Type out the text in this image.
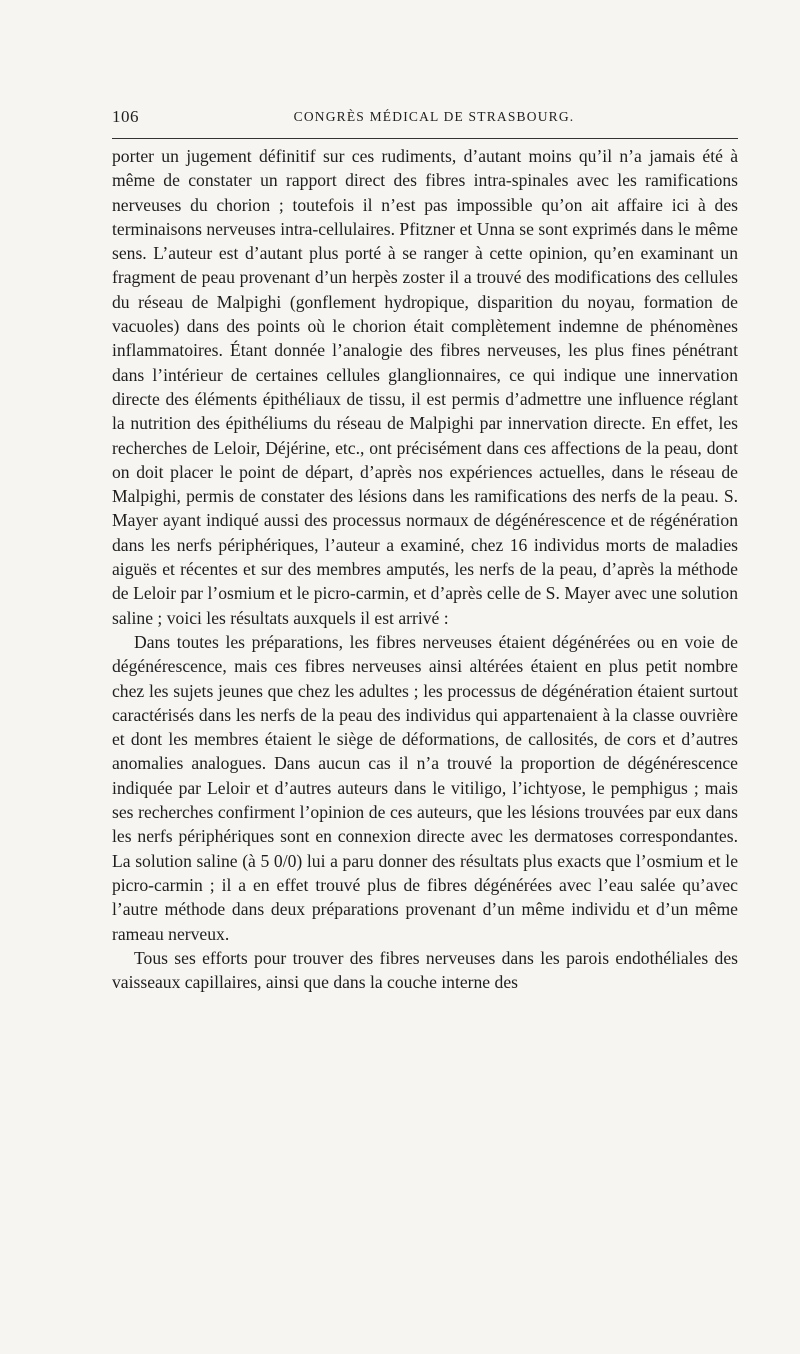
106	CONGRÈS MÉDICAL DE STRASBOURG.

porter un jugement définitif sur ces rudiments, d’autant moins qu’il n’a jamais été à même de constater un rapport direct des fibres intra-spinales avec les ramifications nerveuses du chorion ; toutefois il n’est pas impossible qu’on ait affaire ici à des terminaisons nerveuses intra-cellulaires. Pfitzner et Unna se sont exprimés dans le même sens. L’auteur est d’autant plus porté à se ranger à cette opinion, qu’en examinant un fragment de peau provenant d’un herpès zoster il a trouvé des modifications des cellules du réseau de Malpighi (gonflement hydropique, disparition du noyau, formation de vacuoles) dans des points où le chorion était complètement indemne de phénomènes inflammatoires. Étant donnée l’analogie des fibres nerveuses, les plus fines pénétrant dans l’intérieur de certaines cellules glanglionnaires, ce qui indique une innervation directe des éléments épithéliaux de tissu, il est permis d’admettre une influence réglant la nutrition des épithéliums du réseau de Malpighi par innervation directe. En effet, les recherches de Leloir, Déjérine, etc., ont précisément dans ces affections de la peau, dont on doit placer le point de départ, d’après nos expériences actuelles, dans le réseau de Malpighi, permis de constater des lésions dans les ramifications des nerfs de la peau. S. Mayer ayant indiqué aussi des processus normaux de dégénérescence et de régénération dans les nerfs périphériques, l’auteur a examiné, chez 16 individus morts de maladies aiguës et récentes et sur des membres amputés, les nerfs de la peau, d’après la méthode de Leloir par l’osmium et le picro-carmin, et d’après celle de S. Mayer avec une solution saline ; voici les résultats auxquels il est arrivé :

Dans toutes les préparations, les fibres nerveuses étaient dégénérées ou en voie de dégénérescence, mais ces fibres nerveuses ainsi altérées étaient en plus petit nombre chez les sujets jeunes que chez les adultes ; les processus de dégénération étaient surtout caractérisés dans les nerfs de la peau des individus qui appartenaient à la classe ouvrière et dont les membres étaient le siège de déformations, de callosités, de cors et d’autres anomalies analogues. Dans aucun cas il n’a trouvé la proportion de dégénérescence indiquée par Leloir et d’autres auteurs dans le vitiligo, l’ichtyose, le pemphigus ; mais ses recherches confirment l’opinion de ces auteurs, que les lésions trouvées par eux dans les nerfs périphériques sont en connexion directe avec les dermatoses correspondantes. La solution saline (à 5 0/0) lui a paru donner des résultats plus exacts que l’osmium et le picro-carmin ; il a en effet trouvé plus de fibres dégénérées avec l’eau salée qu’avec l’autre méthode dans deux préparations provenant d’un même individu et d’un même rameau nerveux.

Tous ses efforts pour trouver des fibres nerveuses dans les parois endothéliales des vaisseaux capillaires, ainsi que dans la couche interne des
